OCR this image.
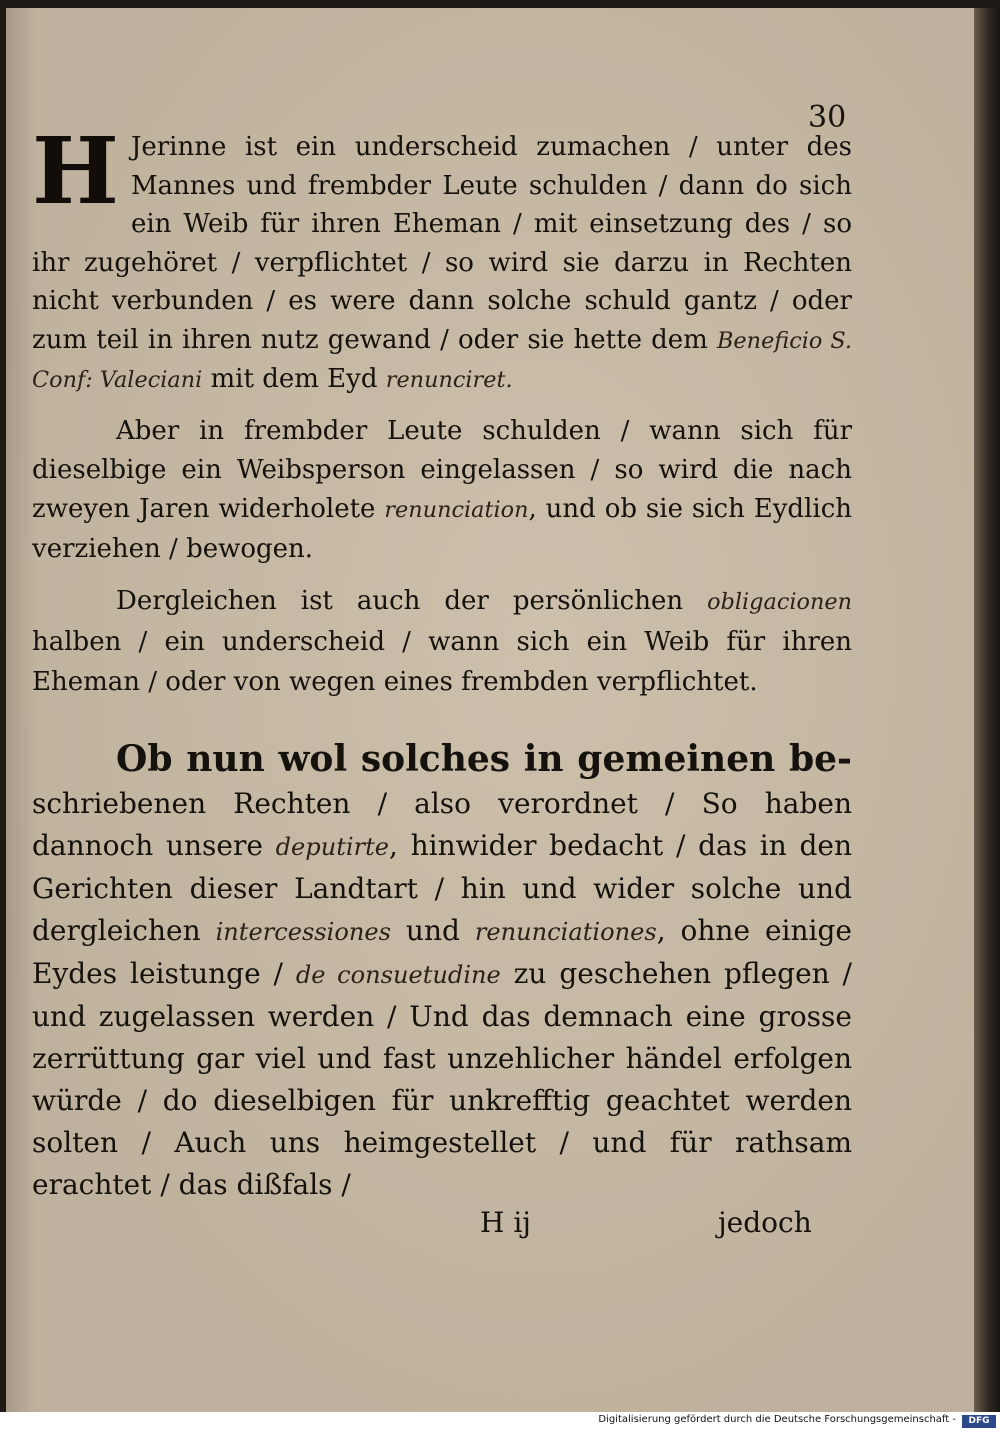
30

H Jerinne ist ein underscheid zumachen / unter des Mannes und frembder Leute schulden / dann do sich ein Weib für ihren Eheman / mit einsetzung des / so ihr zugehöret / verpflichtet / so wird sie darzu in Rechten nicht verbunden / es were dann solche schuld gantz / oder zum teil in ihren nutz gewand / oder sie hette dem Beneficio S. Conf: Valeciani mit dem Eyd renunciret.

Aber in frembder Leute schulden / wann sich für dieselbige ein Weibsperson eingelassen / so wird die nach zweyen Jaren widerholete renunciation, und ob sie sich Eydlich verziehen / bewogen.

Dergleichen ist auch der persönlichen obligacionen halben / ein underscheid / wann sich ein Weib für ihren Eheman / oder von wegen eines frembden verpflichtet.

Ob nun wol solches in gemeinen be- schriebenen Rechten / also verordnet / So haben dannoch unsere deputirte, hinwider bedacht / das in den Gerichten dieser Landtart / hin und wider solche und dergleichen intercessiones und renunciationes, ohne einige Eydes leistunge / de consuetudine zu geschehen pflegen / und zugelassen werden / Und das demnach eine grosse zerrüttung gar viel und fast unzehlicher händel erfolgen würde / do dieselbigen für unkrefftig geachtet werden solten / Auch uns heimgestellet / und für rathsam erachtet / das dißfals /

H ij	jedoch
Digitalisierung gefördert durch die Deutsche Forschungsgemeinschaft -	DFG
